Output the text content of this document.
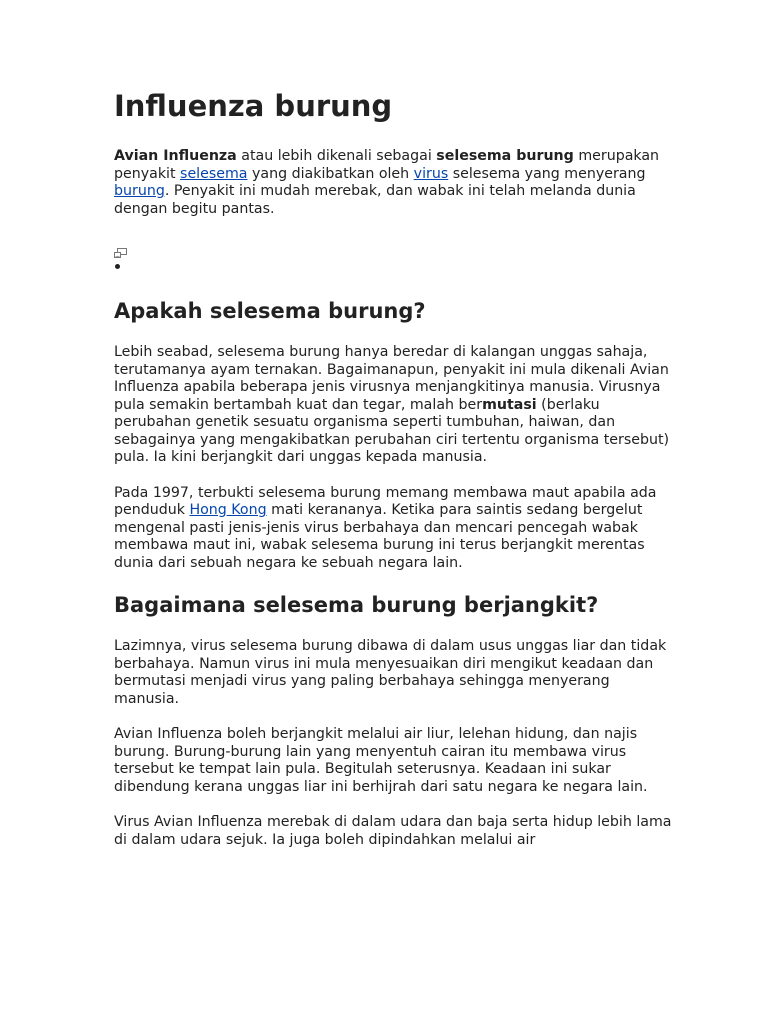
Influenza burung

Avian Influenza atau lebih dikenali sebagai selesema burung merupakan penyakit selesema yang diakibatkan oleh virus selesema yang menyerang burung. Penyakit ini mudah merebak, dan wabak ini telah melanda dunia dengan begitu pantas.

Apakah selesema burung?

Lebih seabad, selesema burung hanya beredar di kalangan unggas sahaja, terutamanya ayam ternakan. Bagaimanapun, penyakit ini mula dikenali Avian Influenza apabila beberapa jenis virusnya menjangkitinya manusia. Virusnya pula semakin bertambah kuat dan tegar, malah bermutasi (berlaku perubahan genetik sesuatu organisma seperti tumbuhan, haiwan, dan sebagainya yang mengakibatkan perubahan ciri tertentu organisma tersebut) pula. Ia kini berjangkit dari unggas kepada manusia.

Pada 1997, terbukti selesema burung memang membawa maut apabila ada penduduk Hong Kong mati kerananya. Ketika para saintis sedang bergelut mengenal pasti jenis-jenis virus berbahaya dan mencari pencegah wabak membawa maut ini, wabak selesema burung ini terus berjangkit merentas dunia dari sebuah negara ke sebuah negara lain.

Bagaimana selesema burung berjangkit?

Lazimnya, virus selesema burung dibawa di dalam usus unggas liar dan tidak berbahaya. Namun virus ini mula menyesuaikan diri mengikut keadaan dan bermutasi menjadi virus yang paling berbahaya sehingga menyerang manusia.

Avian Influenza boleh berjangkit melalui air liur, lelehan hidung, dan najis burung. Burung-burung lain yang menyentuh cairan itu membawa virus tersebut ke tempat lain pula. Begitulah seterusnya. Keadaan ini sukar dibendung kerana unggas liar ini berhijrah dari satu negara ke negara lain.

Virus Avian Influenza merebak di dalam udara dan baja serta hidup lebih lama di dalam udara sejuk. Ia juga boleh dipindahkan melalui air
